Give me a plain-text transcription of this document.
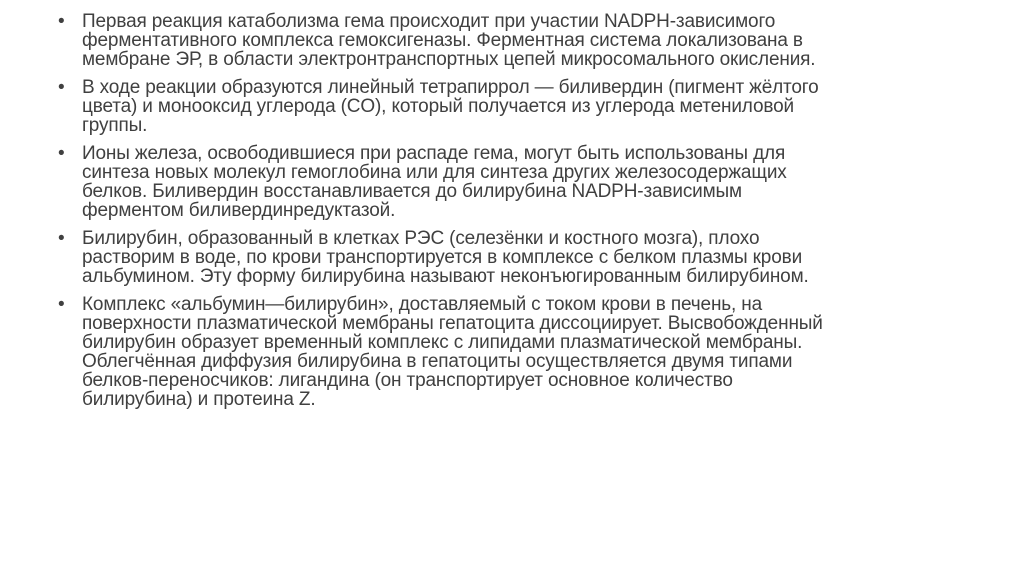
• Первая реакция катаболизма гема происходит при участии NADPH-зависимого
ферментативного комплекса гемоксигеназы. Ферментная система локализована в
мембране ЭР, в области электронтранспортных цепей микросомального окисления.
• В ходе реакции образуются линейный тетрапиррол — биливердин (пигмент жёлтого
цвета) и монооксид углерода (CO), который получается из углерода метениловой
группы.
• Ионы железа, освободившиеся при распаде гема, могут быть использованы для
синтеза новых молекул гемоглобина или для синтеза других железосодержащих
белков. Биливердин восстанавливается до билирубина NADPH-зависимым
ферментом биливердинредуктазой.
• Билирубин, образованный в клетках РЭС (селезёнки и костного мозга), плохо
растворим в воде, по крови транспортируется в комплексе с белком плазмы крови
альбумином. Эту форму билирубина называют неконъюгированным билирубином.
• Комплекс «альбумин—билирубин», доставляемый с током крови в печень, на
поверхности плазматической мембраны гепатоцита диссоциирует. Высвобожденный
билирубин образует временный комплекс с липидами плазматической мембраны.
Облегчённая диффузия билирубина в гепатоциты осуществляется двумя типами
белков-переносчиков: лигандина (он транспортирует основное количество
билирубина) и протеина Z.
